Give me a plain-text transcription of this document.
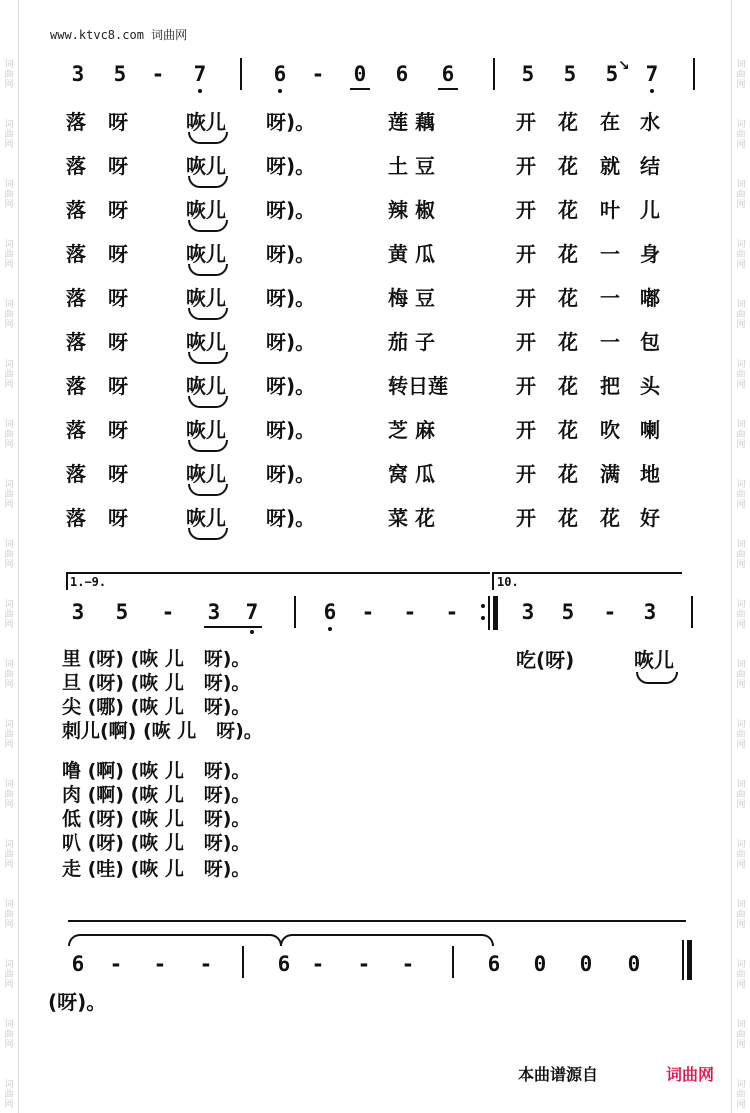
词
曲
网
词
曲
网
词
曲
网
词
曲
网
词
曲
网
词
曲
网
词
曲
网
词
曲
网
词
曲
网
词
曲
网
词
曲
网
词
曲
网
词
曲
网
词
曲
网
词
曲
网
词
曲
网
词
曲
网
词
曲
网
词
曲
网
词
曲
网
词
曲
网
词
曲
网
词
曲
网
词
曲
网
词
曲
网
词
曲
网
词
曲
网
词
曲
网
词
曲
网
词
曲
网
词
曲
网
词
曲
网
词
曲
网
词
曲
网
词
曲
网
词
曲
网
www.ktvc8.com 词曲网
3 5 - 7	6 - 0 6 6	5 5 5 ↘ 7
落 呀	咴儿 呀)。	莲 藕	开 花 在 水
落 呀	咴儿 呀)。	土 豆	开 花 就 结
落 呀	咴儿 呀)。	辣 椒	开 花 叶 儿
落 呀	咴儿 呀)。	黄 瓜	开 花 一 身
落 呀	咴儿 呀)。	梅 豆	开 花 一 嘟
落 呀	咴儿 呀)。	茄 子	开 花 一 包
落 呀	咴儿 呀)。	转日莲	开 花 把 头
落 呀	咴儿 呀)。	芝 麻	开 花 吹 喇
落 呀	咴儿 呀)。	窝 瓜	开 花 满 地
落 呀	咴儿 呀)。	菜 花	开 花 花 好
1.−9.	10.
3 5 - 3 7	6 - - -	3 5 - 3
里 (呀) (咴 儿   呀)。
旦 (呀) (咴 儿   呀)。
尖 (哪) (咴 儿   呀)。
刺儿(啊) (咴 儿   呀)。
噜 (啊) (咴 儿   呀)。
肉 (啊) (咴 儿   呀)。
低 (呀) (咴 儿   呀)。
叭 (呀) (咴 儿   呀)。
走 (哇) (咴 儿   呀)。
吃(呀)	咴儿
6 - - -	6 - - -	6 0 0 0
(呀)。
本曲谱源自	词曲网
